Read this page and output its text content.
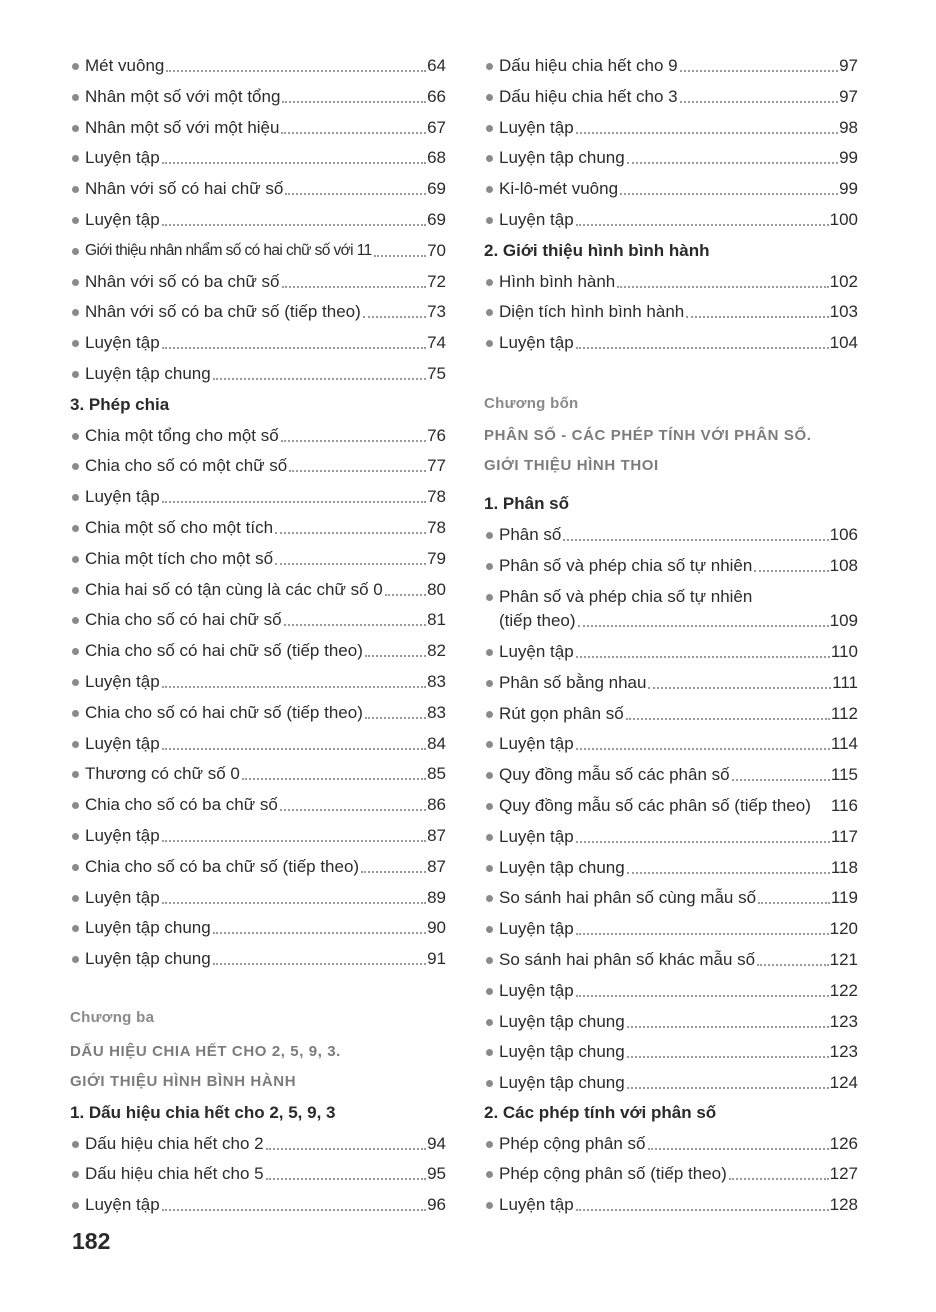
Mét vuông	64
Nhân một số với một tổng	66
Nhân một số với một hiệu	67
Luyện tập	68
Nhân với số có hai chữ số	69
Luyện tập	69
Giới thiệu nhân nhẩm số có hai chữ số với 11	70
Nhân với số có ba chữ số	72
Nhân với số có ba chữ số (tiếp theo)	73
Luyện tập	74
Luyện tập chung	75
3. Phép chia
Chia một tổng cho một số	76
Chia cho số có một chữ số	77
Luyện tập	78
Chia một số cho một tích	78
Chia một tích cho một số	79
Chia hai số có tận cùng là các chữ số 0	80
Chia cho số có hai chữ số	81
Chia cho số có hai chữ số (tiếp theo)	82
Luyện tập	83
Chia cho số có hai chữ số (tiếp theo)	83
Luyện tập	84
Thương có chữ số 0	85
Chia cho số có ba chữ số	86
Luyện tập	87
Chia cho số có ba chữ số (tiếp theo)	87
Luyện tập	89
Luyện tập chung	90
Luyện tập chung	91
Chương ba
DẤU HIỆU CHIA HẾT CHO 2, 5, 9, 3.
GIỚI THIỆU HÌNH BÌNH HÀNH
1. Dấu hiệu chia hết cho 2, 5, 9, 3
Dấu hiệu chia hết cho 2	94
Dấu hiệu chia hết cho 5	95
Luyện tập	96
Dấu hiệu chia hết cho 9	97
Dấu hiệu chia hết cho 3	97
Luyện tập	98
Luyện tập chung	99
Ki-lô-mét vuông	99
Luyện tập	100
2. Giới thiệu hình bình hành
Hình bình hành	102
Diện tích hình bình hành	103
Luyện tập	104
Chương bốn
PHÂN SỐ - CÁC PHÉP TÍNH VỚI PHÂN SỐ.
GIỚI THIỆU HÌNH THOI
1. Phân số
Phân số	106
Phân số và phép chia số tự nhiên	108
Phân số và phép chia số tự nhiên
(tiếp theo)	109
Luyện tập	110
Phân số bằng nhau	111
Rút gọn phân số	112
Luyện tập	114
Quy đồng mẫu số các phân số	115
Quy đồng mẫu số các phân số (tiếp theo)	116
Luyện tập	117
Luyện tập chung	118
So sánh hai phân số cùng mẫu số	119
Luyện tập	120
So sánh hai phân số khác mẫu số	121
Luyện tập	122
Luyện tập chung	123
Luyện tập chung	123
Luyện tập chung	124
2. Các phép tính với phân số
Phép cộng phân số	126
Phép cộng phân số (tiếp theo)	127
Luyện tập	128
182
